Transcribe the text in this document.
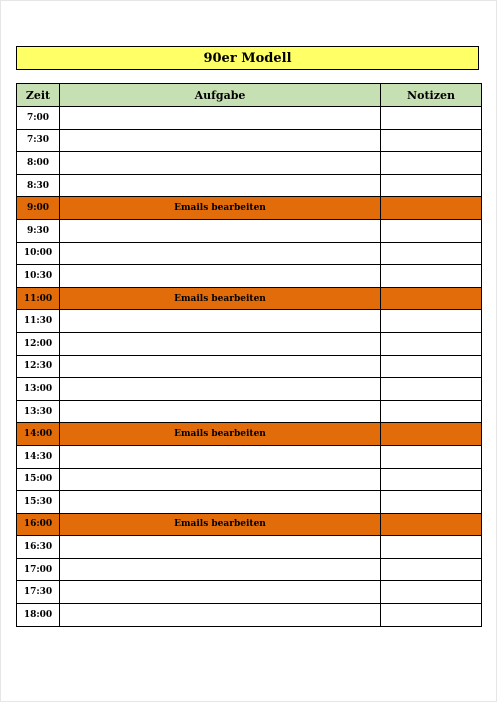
90er Modell
Zeit	Aufgabe	Notizen
7:00		
7:30		
8:00		
8:30		
9:00	Emails bearbeiten	
9:30		
10:00		
10:30		
11:00	Emails bearbeiten	
11:30		
12:00		
12:30		
13:00		
13:30		
14:00	Emails bearbeiten	
14:30		
15:00		
15:30		
16:00	Emails bearbeiten	
16:30		
17:00		
17:30		
18:00		
